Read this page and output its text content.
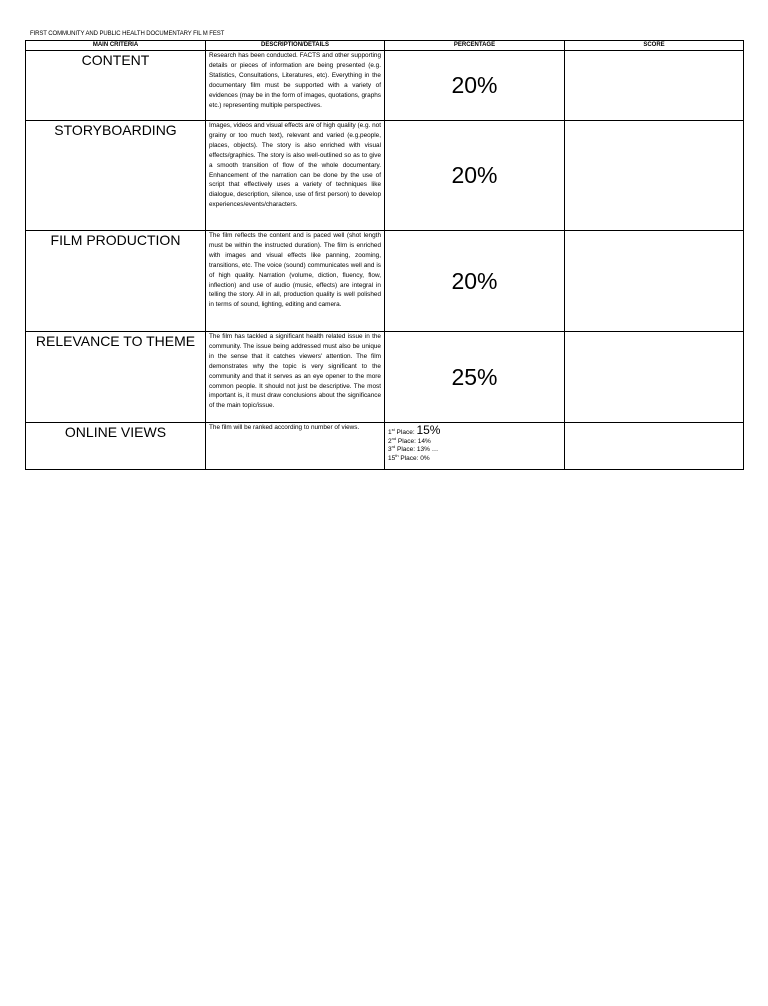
FIRST COMMUNITY AND PUBLIC HEALTH DOCUMENTARY FIL M FEST
MAIN CRITERIA	DESCRIPTION/DETAILS	PERCENTAGE	SCORE
CONTENT	Research has been conducted. FACTS and other supporting details or pieces of information are being presented (e.g. Statistics, Consultations, Literatures, etc). Everything in the documentary film must be supported with a variety of evidences (may be in the form of images, quotations, graphs etc.) representing multiple perspectives.	20%	
STORYBOARDING	Images, videos and visual effects are of high quality (e.g. not grainy or too much text), relevant and varied (e.g.people, places, objects). The story is also enriched with visual effects/graphics. The story is also well-outlined so as to give a smooth transition of flow of the whole documentary. Enhancement of the narration can be done by the use of script that effectively uses a variety of techniques like dialogue, description, silence, use of first person) to develop experiences/events/characters.	20%	
FILM PRODUCTION	The film reflects the content and is paced well (shot length must be within the instructed duration). The film is enriched with images and visual effects like panning, zooming, transitions, etc. The voice (sound) communicates well and is of high quality. Narration (volume, diction, fluency, flow, inflection) and use of audio (music, effects) are integral in telling the story. All in all, production quality is well polished in terms of sound, lighting, editing and camera.	20%	
RELEVANCE TO THEME	The film has tackled a significant health related issue in the community. The issue being addressed must also be unique in the sense that it catches viewers' attention. The film demonstrates why the topic is very significant to the community and that it serves as an eye opener to the more common people. It should not just be descriptive. The most important is, it must draw conclusions about the significance of the main topic/issue.	25%	
ONLINE VIEWS	The film will be ranked according to number of views.	1st Place: 15%
2nd Place: 14%
3rd Place: 13% …
15th Place: 0%	
